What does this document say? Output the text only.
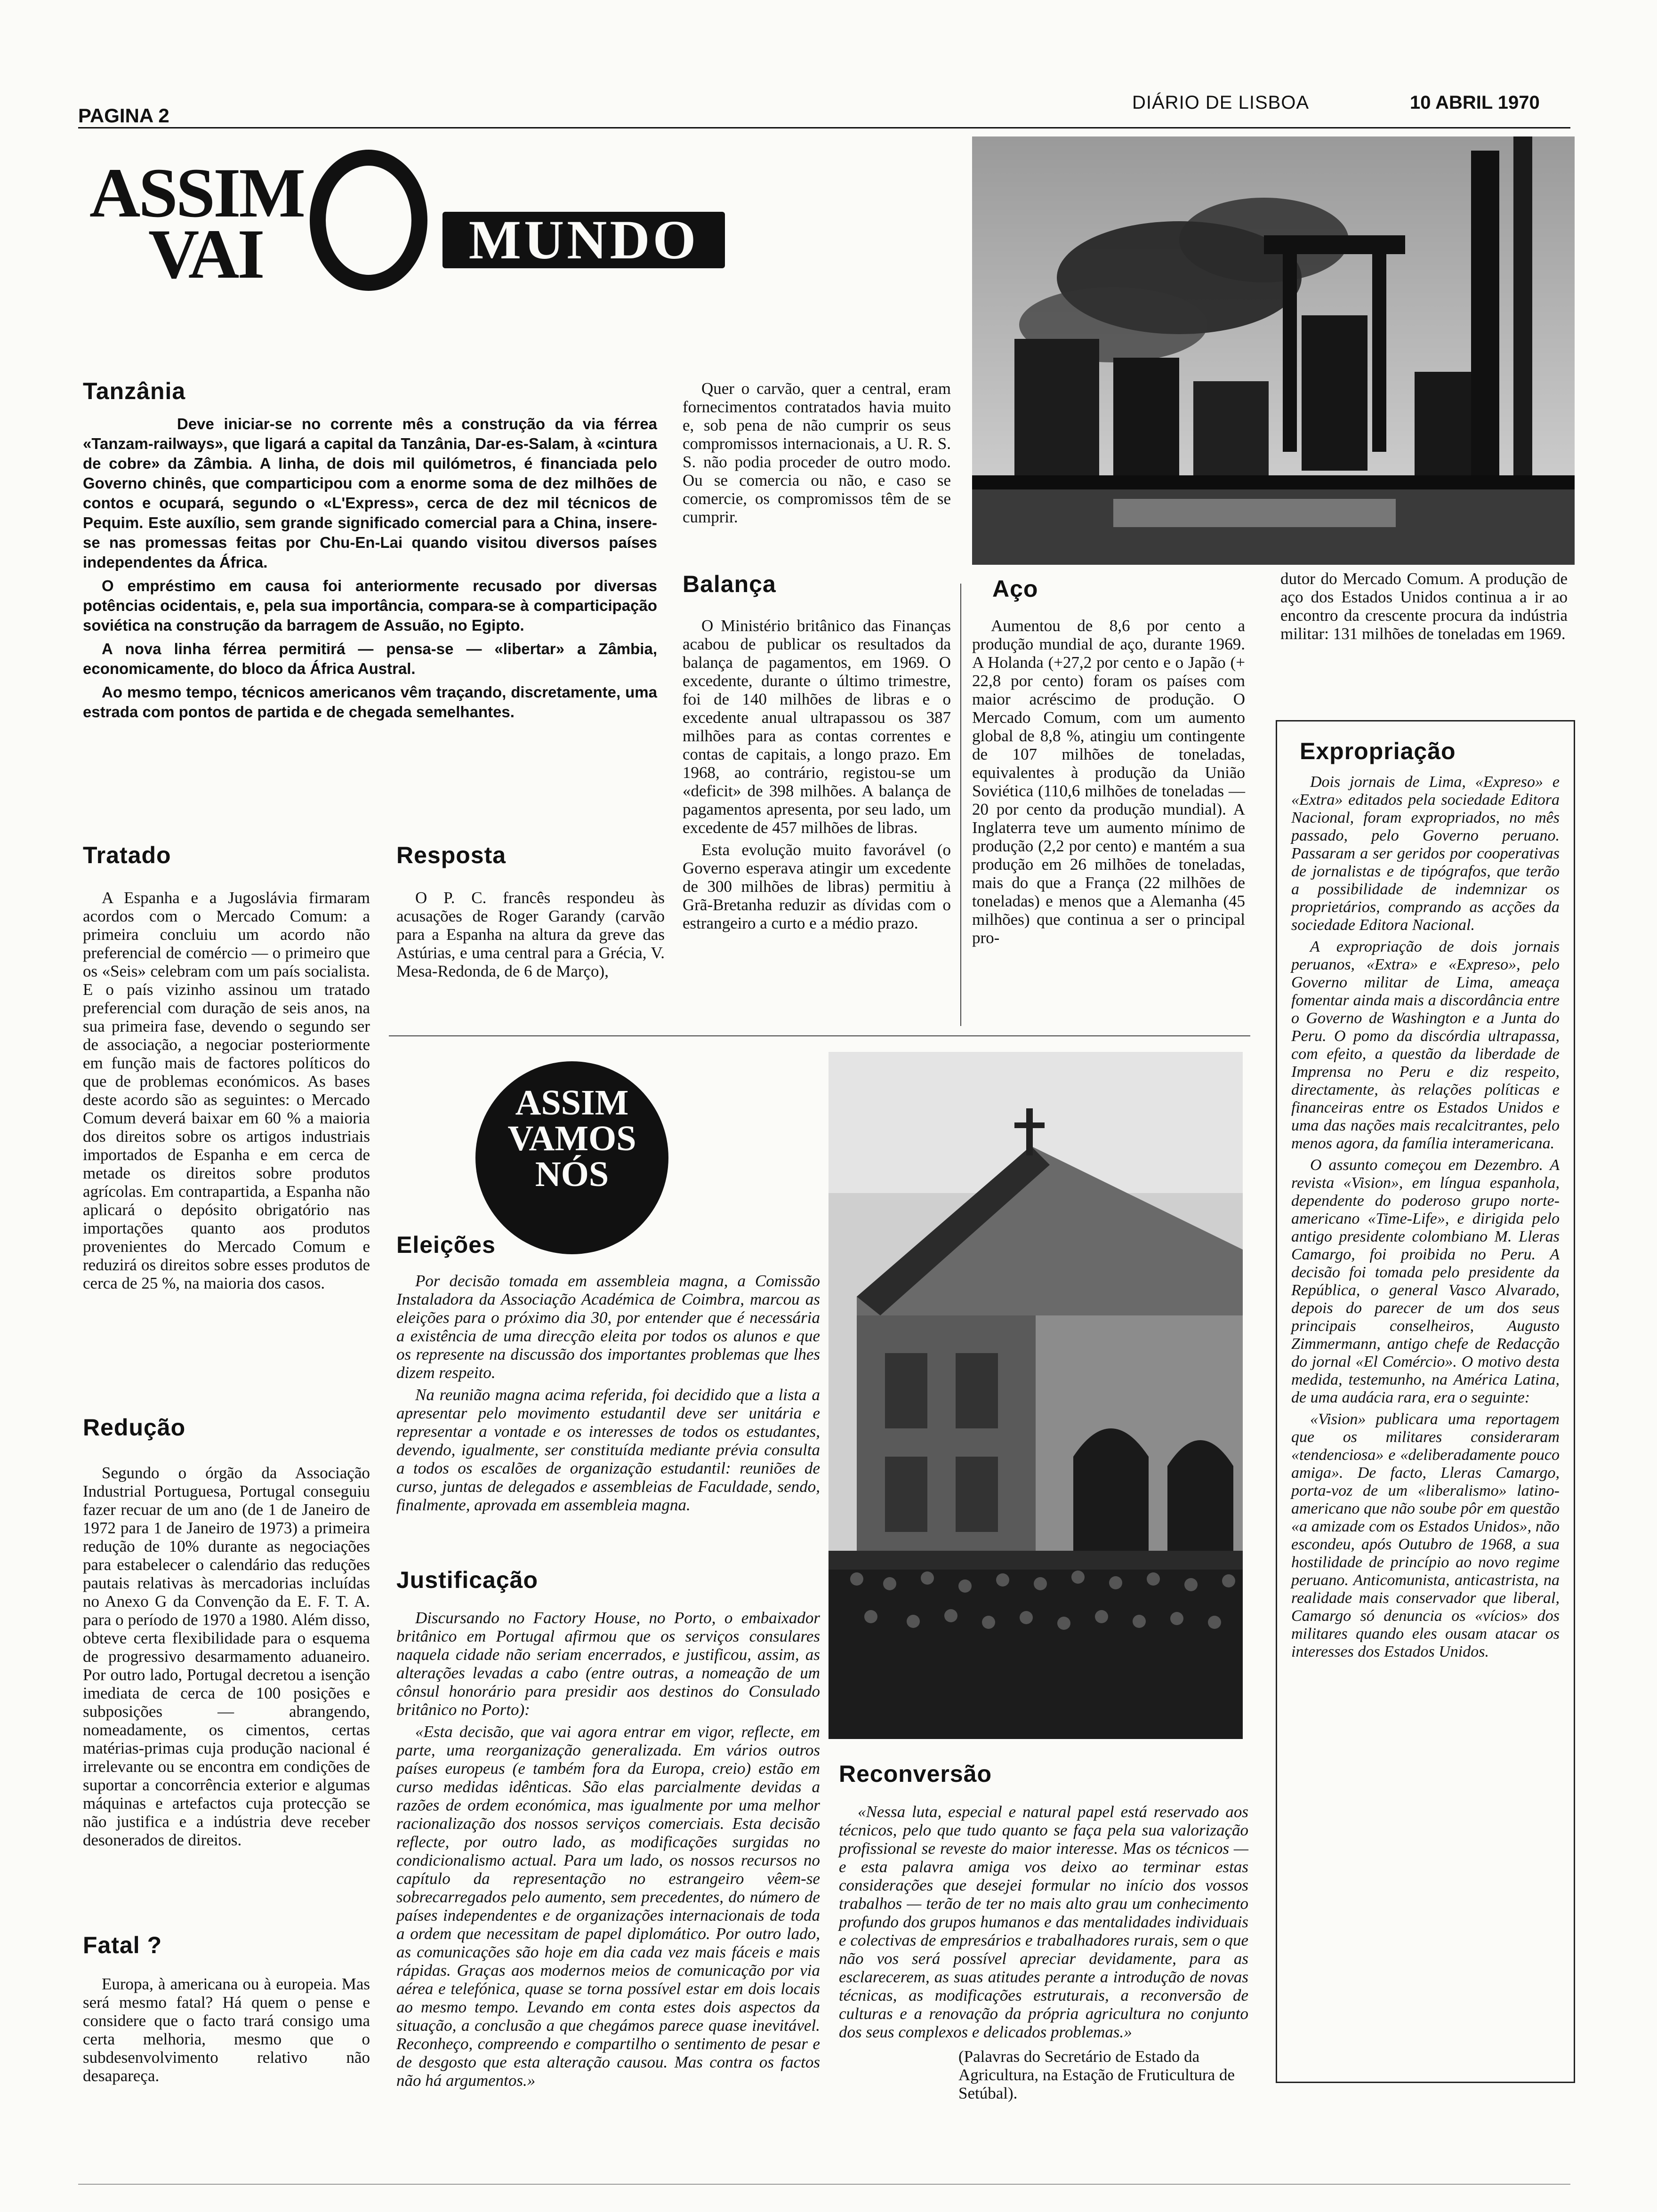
PAGINA 2
DIÁRIO DE LISBOA	10 ABRIL 1970
ASSIM
VAI	MUNDO
Tanzânia

Deve iniciar-se no corrente mês a construção da via férrea «Tanzam-railways», que ligará a capital da Tanzânia, Dar-es-Salam, à «cintura de cobre» da Zâmbia. A linha, de dois mil quilómetros, é financiada pelo Governo chinês, que comparticipou com a enorme soma de dez milhões de contos e ocupará, segundo o «L'Express», cerca de dez mil técnicos de Pequim. Este auxílio, sem grande significado comercial para a China, insere-se nas promessas feitas por Chu-En-Lai quando visitou diversos países independentes da África.

O empréstimo em causa foi anteriormente recusado por diversas potências ocidentais, e, pela sua importância, compara-se à comparticipação soviética na construção da barragem de Assuão, no Egipto.

A nova linha férrea permitirá — pensa-se — «libertar» a Zâmbia, economicamente, do bloco da África Austral.

Ao mesmo tempo, técnicos americanos vêm traçando, discretamente, uma estrada com pontos de partida e de chegada semelhantes.

Quer o carvão, quer a central, eram fornecimentos contratados havia muito e, sob pena de não cumprir os seus compromissos internacionais, a U. R. S. S. não podia proceder de outro modo. Ou se comercia ou não, e caso se comercie, os compromissos têm de se cumprir.

Balança

O Ministério britânico das Finanças acabou de publicar os resultados da balança de pagamentos, em 1969. O excedente, durante o último trimestre, foi de 140 milhões de libras e o excedente anual ultrapassou os 387 milhões para as contas correntes e contas de capitais, a longo prazo. Em 1968, ao contrário, registou-se um «deficit» de 398 milhões. A balança de pagamentos apresenta, por seu lado, um excedente de 457 milhões de libras.

Esta evolução muito favorável (o Governo esperava atingir um excedente de 300 milhões de libras) permitiu à Grã-Bretanha reduzir as dívidas com o estrangeiro a curto e a médio prazo.

Aço

Aumentou de 8,6 por cento a produção mundial de aço, durante 1969. A Holanda (+27,2 por cento e o Japão (+ 22,8 por cento) foram os países com maior acréscimo de produção. O Mercado Comum, com um aumento global de 8,8 %, atingiu um contingente de 107 milhões de toneladas, equivalentes à produção da União Soviética (110,6 milhões de toneladas —20 por cento da produção mundial). A Inglaterra teve um aumento mínimo de produção (2,2 por cento) e mantém a sua produção em 26 milhões de toneladas, mais do que a França (22 milhões de toneladas) e menos que a Alemanha (45 milhões) que continua a ser o principal pro-

dutor do Mercado Comum. A produção de aço dos Estados Unidos continua a ir ao encontro da crescente procura da indústria militar: 131 milhões de toneladas em 1969.

Tratado

A Espanha e a Jugoslávia firmaram acordos com o Mercado Comum: a primeira concluiu um acordo não preferencial de comércio — o primeiro que os «Seis» celebram com um país socialista. E o país vizinho assinou um tratado preferencial com duração de seis anos, na sua primeira fase, devendo o segundo ser de associação, a negociar posteriormente em função mais de factores políticos do que de problemas económicos. As bases deste acordo são as seguintes: o Mercado Comum deverá baixar em 60 % a maioria dos direitos sobre os artigos industriais importados de Espanha e em cerca de metade os direitos sobre produtos agrícolas. Em contrapartida, a Espanha não aplicará o depósito obrigatório nas importações quanto aos produtos provenientes do Mercado Comum e reduzirá os direitos sobre esses produtos de cerca de 25 %, na maioria dos casos.

Resposta

O P. C. francês respondeu às acusações de Roger Garandy (carvão para a Espanha na altura da greve das Astúrias, e uma central para a Grécia, V. Mesa-Redonda, de 6 de Março),

Redução

Segundo o órgão da Associação Industrial Portuguesa, Portugal conseguiu fazer recuar de um ano (de 1 de Janeiro de 1972 para 1 de Janeiro de 1973) a primeira redução de 10% durante as negociações para estabelecer o calendário das reduções pautais relativas às mercadorias incluídas no Anexo G da Convenção da E. F. T. A. para o período de 1970 a 1980. Além disso, obteve certa flexibilidade para o esquema de progressivo desarmamento aduaneiro. Por outro lado, Portugal decretou a isenção imediata de cerca de 100 posições e subposições — abrangendo, nomeadamente, os cimentos, certas matérias-primas cuja produção nacional é irrelevante ou se encontra em condições de suportar a concorrência exterior e algumas máquinas e artefactos cuja protecção se não justifica e a indústria deve receber desonerados de direitos.

Fatal ?

Europa, à americana ou à europeia. Mas será mesmo fatal? Há quem o pense e considere que o facto trará consigo uma certa melhoria, mesmo que o subdesenvolvimento relativo não desapareça.

ASSIM
VAMOS
NÓS
Eleições

Por decisão tomada em assembleia magna, a Comissão Instaladora da Associação Académica de Coimbra, marcou as eleições para o próximo dia 30, por entender que é necessária a existência de uma direcção eleita por todos os alunos e que os represente na discussão dos importantes problemas que lhes dizem respeito.

Na reunião magna acima referida, foi decidido que a lista a apresentar pelo movimento estudantil deve ser unitária e representar a vontade e os interesses de todos os estudantes, devendo, igualmente, ser constituída mediante prévia consulta a todos os escalões de organização estudantil: reuniões de curso, juntas de delegados e assembleias de Faculdade, sendo, finalmente, aprovada em assembleia magna.

Justificação

Discursando no Factory House, no Porto, o embaixador britânico em Portugal afirmou que os serviços consulares naquela cidade não seriam encerrados, e justificou, assim, as alterações levadas a cabo (entre outras, a nomeação de um cônsul honorário para presidir aos destinos do Consulado britânico no Porto):

«Esta decisão, que vai agora entrar em vigor, reflecte, em parte, uma reorganização generalizada. Em vários outros países europeus (e também fora da Europa, creio) estão em curso medidas idênticas. São elas parcialmente devidas a razões de ordem económica, mas igualmente por uma melhor racionalização dos nossos serviços comerciais. Esta decisão reflecte, por outro lado, as modificações surgidas no condicionalismo actual. Para um lado, os nossos recursos no capítulo da representação no estrangeiro vêem-se sobrecarregados pelo aumento, sem precedentes, do número de países independentes e de organizações internacionais de toda a ordem que necessitam de papel diplomático. Por outro lado, as comunicações são hoje em dia cada vez mais fáceis e mais rápidas. Graças aos modernos meios de comunicação por via aérea e telefónica, quase se torna possível estar em dois locais ao mesmo tempo. Levando em conta estes dois aspectos da situação, a conclusão a que chegámos parece quase inevitável. Reconheço, compreendo e compartilho o sentimento de pesar e de desgosto que esta alteração causou. Mas contra os factos não há argumentos.»

Reconversão

«Nessa luta, especial e natural papel está reservado aos técnicos, pelo que tudo quanto se faça pela sua valorização profissional se reveste do maior interesse. Mas os técnicos — e esta palavra amiga vos deixo ao terminar estas considerações que desejei formular no início dos vossos trabalhos — terão de ter no mais alto grau um conhecimento profundo dos grupos humanos e das mentalidades individuais e colectivas de empresários e trabalhadores rurais, sem o que não vos será possível apreciar devidamente, para as esclarecerem, as suas atitudes perante a introdução de novas técnicas, as modificações estruturais, a reconversão de culturas e a renovação da própria agricultura no conjunto dos seus complexos e delicados problemas.»

(Palavras do Secretário de Estado da Agricultura, na Estação de Fruticultura de Setúbal).
Expropriação

Dois jornais de Lima, «Expreso» e «Extra» editados pela sociedade Editora Nacional, foram expropriados, no mês passado, pelo Governo peruano. Passaram a ser geridos por cooperativas de jornalistas e de tipógrafos, que terão a possibilidade de indemnizar os proprietários, comprando as acções da sociedade Editora Nacional.

A expropriação de dois jornais peruanos, «Extra» e «Expreso», pelo Governo militar de Lima, ameaça fomentar ainda mais a discordância entre o Governo de Washington e a Junta do Peru. O pomo da discórdia ultrapassa, com efeito, a questão da liberdade de Imprensa no Peru e diz respeito, directamente, às relações políticas e financeiras entre os Estados Unidos e uma das nações mais recalcitrantes, pelo menos agora, da família interamericana.

O assunto começou em Dezembro. A revista «Vision», em língua espanhola, dependente do poderoso grupo norte-americano «Time-Life», e dirigida pelo antigo presidente colombiano M. Lleras Camargo, foi proibida no Peru. A decisão foi tomada pelo presidente da República, o general Vasco Alvarado, depois do parecer de um dos seus principais conselheiros, Augusto Zimmermann, antigo chefe de Redacção do jornal «El Comércio». O motivo desta medida, testemunho, na América Latina, de uma audácia rara, era o seguinte:

«Vision» publicara uma reportagem que os militares consideraram «tendenciosa» e «deliberadamente pouco amiga». De facto, Lleras Camargo, porta-voz de um «liberalismo» latino-americano que não soube pôr em questão «a amizade com os Estados Unidos», não escondeu, após Outubro de 1968, a sua hostilidade de princípio ao novo regime peruano. Anticomunista, anticastrista, na realidade mais conservador que liberal, Camargo só denuncia os «vícios» dos militares quando eles ousam atacar os interesses dos Estados Unidos.
